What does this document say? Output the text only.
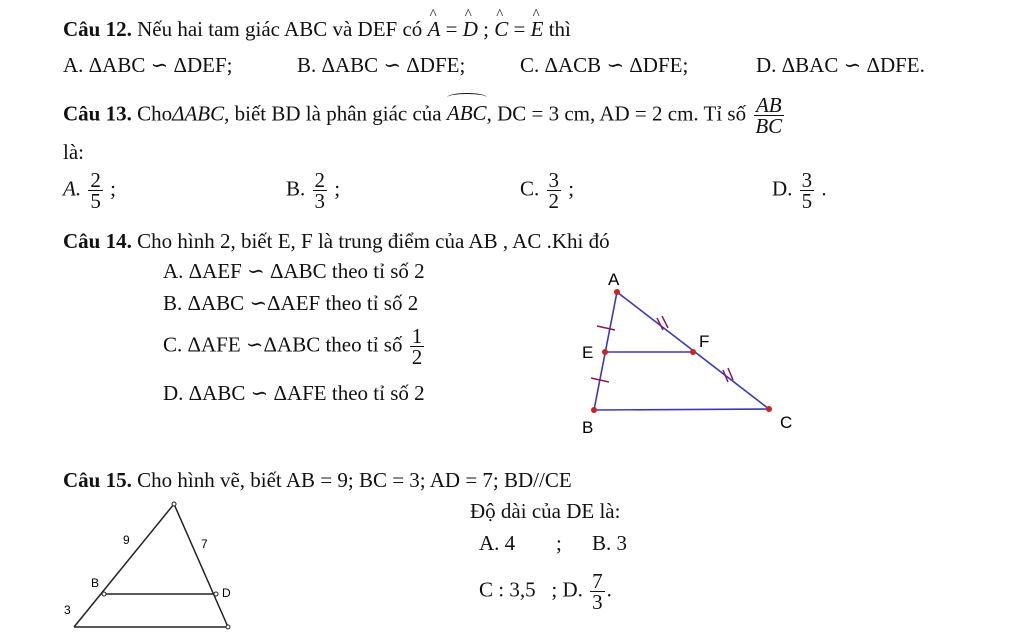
Câu 12. Nếu hai tam giác ABC và DEF có ^ A = ^ D ; ^ C = ^ E thì
A. ΔABC ∽ ΔDEF;	B. ΔABC ∽ ΔDFE;	C. ΔACB ∽ ΔDFE;	D. ΔBAC ∽ ΔDFE.
Câu 13. ChoΔABC, biết BD là phân giác của ABC, DC = 3 cm, AD = 2 cm. Tỉ số $\frac{AB}{BC}$
là:
A. $\frac{2}{5}$ ;	B. $\frac{2}{3}$ ;	C. $\frac{3}{2}$ ;	D. $\frac{3}{5}$ .
Câu 14. Cho hình 2, biết E, F là trung điểm của AB , AC .Khi đó
A. ΔAEF ∽ ΔABC theo tỉ số 2
B. ΔABC ∽ΔAEF theo tỉ số 2
C. ΔAFE ∽ΔABC theo tỉ số $\frac{1}{2}$
D. ΔABC ∽ ΔAFE theo tỉ số 2
A
E
F
B	C
Câu 15. Cho hình vẽ, biết AB = 9; BC = 3; AD = 7; BD//CE
Độ dài của DE là:
A. 4 ; B. 3
C : 3,5 ; D. $\frac{7}{3}$ .
9	7
B
D
3
